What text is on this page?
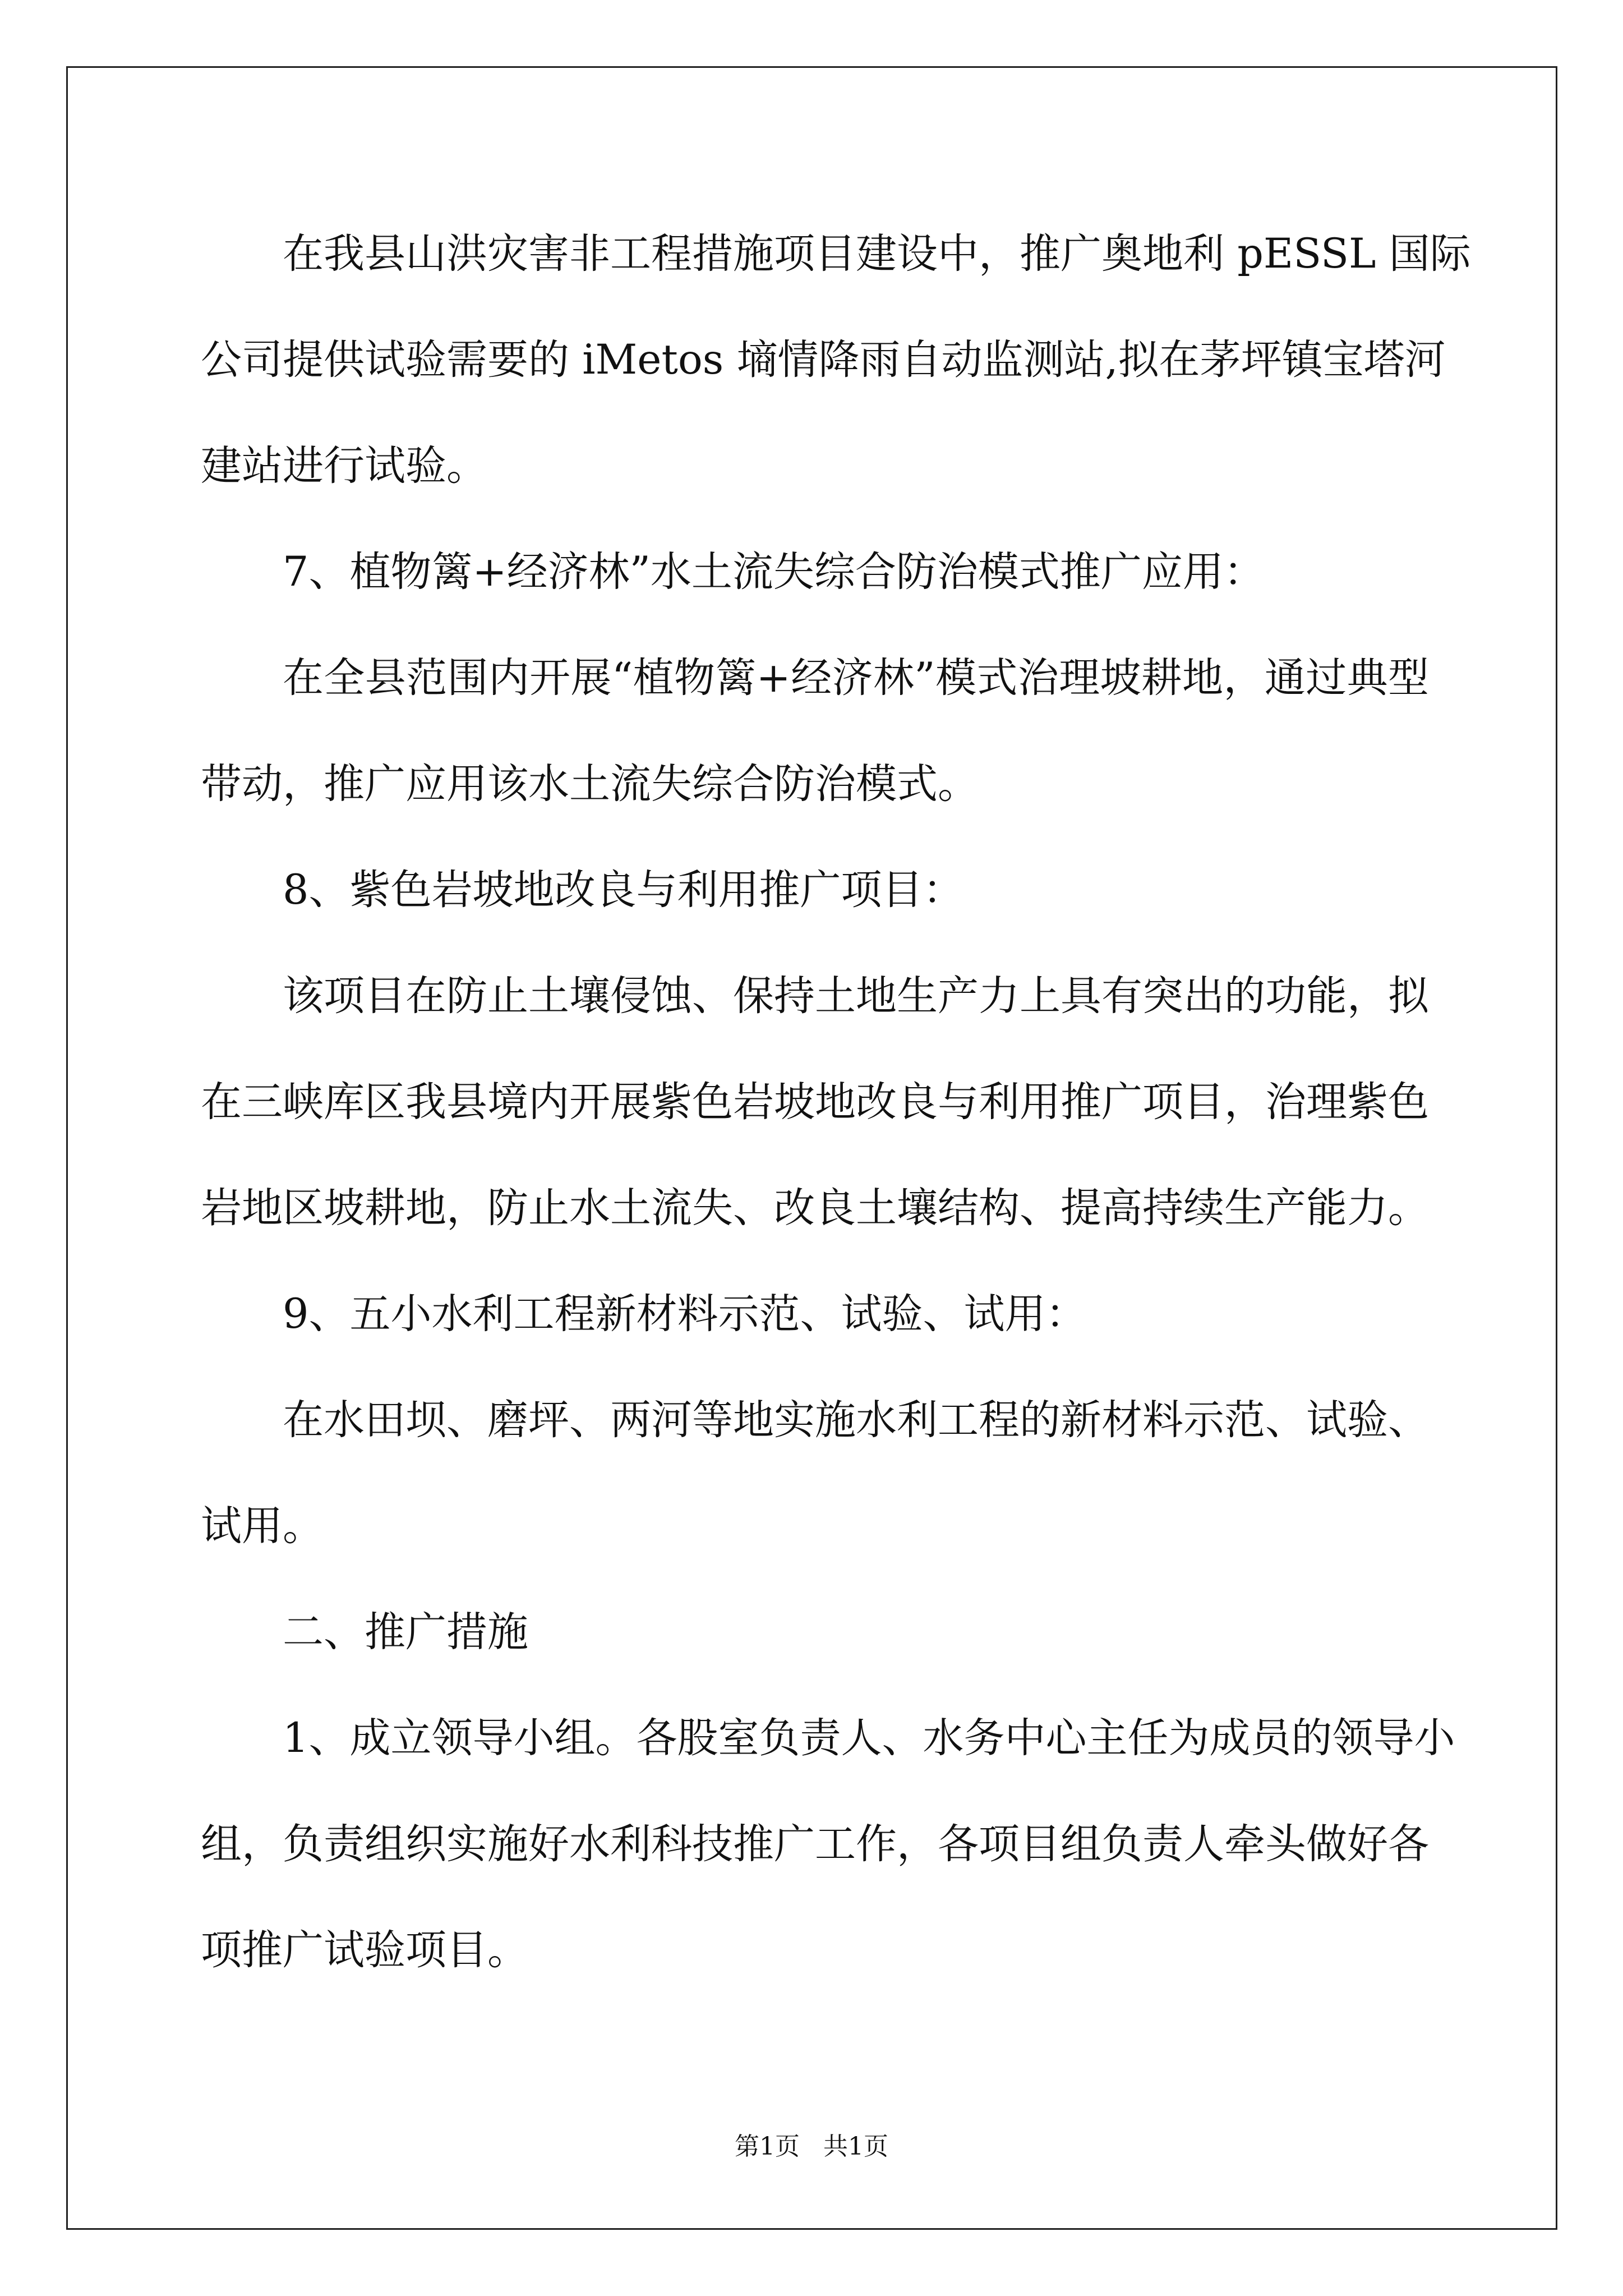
在我县山洪灾害非工程措施项目建设中，推广奥地利 pESSL 国际
公司提供试验需要的 iMetos 墒情降雨自动监测站,拟在茅坪镇宝塔河
建站进行试验。
7、植物篱+经济林”水土流失综合防治模式推广应用：
在全县范围内开展“植物篱+经济林”模式治理坡耕地，通过典型
带动，推广应用该水土流失综合防治模式。
8、紫色岩坡地改良与利用推广项目：
该项目在防止土壤侵蚀、保持土地生产力上具有突出的功能，拟
在三峡库区我县境内开展紫色岩坡地改良与利用推广项目，治理紫色
岩地区坡耕地，防止水土流失、改良土壤结构、提高持续生产能力。
9、五小水利工程新材料示范、试验、试用：
在水田坝、磨坪、两河等地实施水利工程的新材料示范、试验、
试用。
二、推广措施
1、成立领导小组。各股室负责人、水务中心主任为成员的领导小
组，负责组织实施好水利科技推广工作，各项目组负责人牵头做好各
项推广试验项目。
第1页   共1页
